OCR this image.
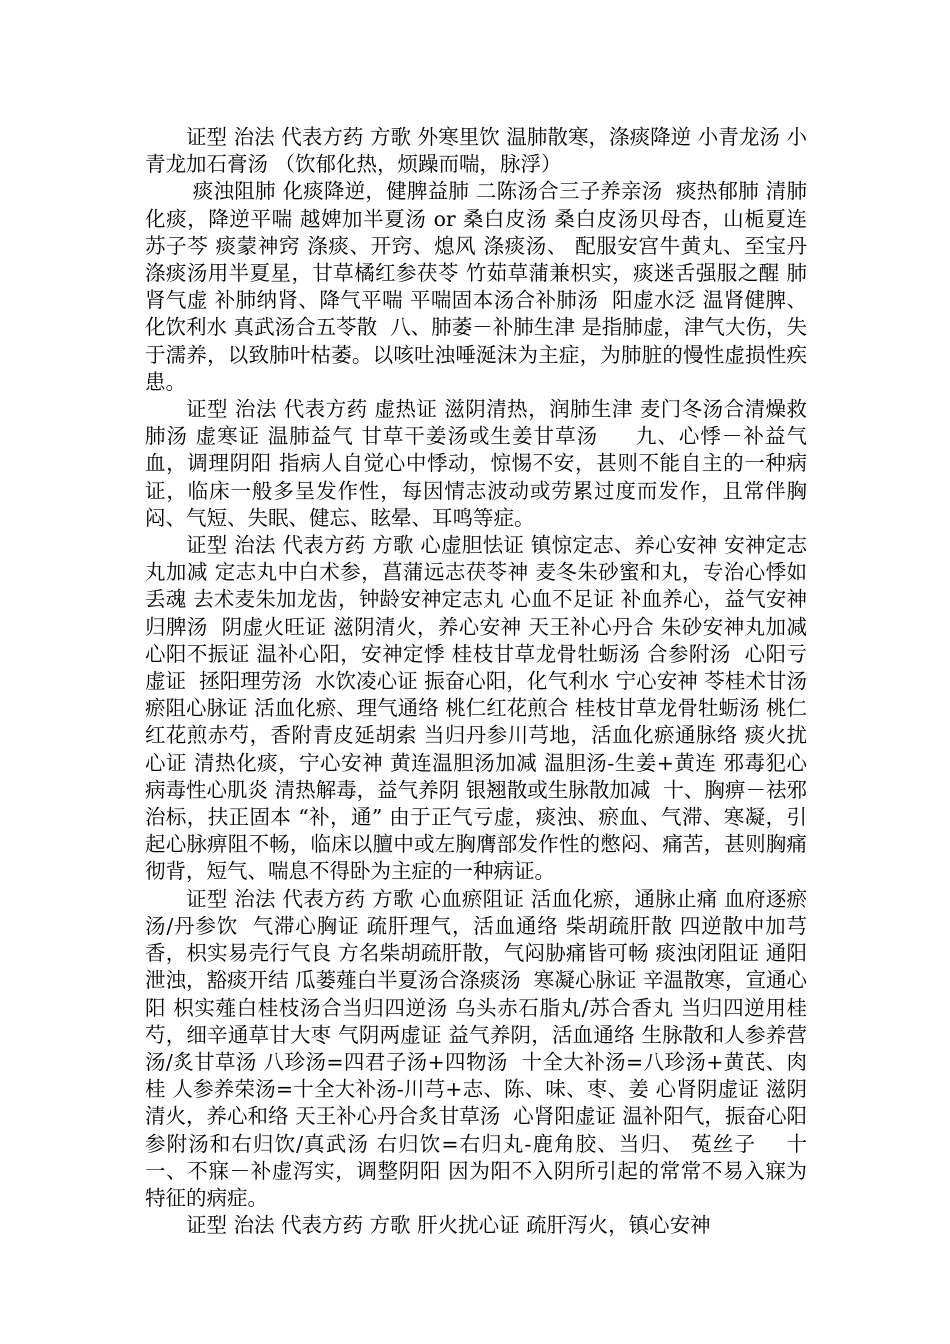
证型 治法 代表方药 方歌 外寒里饮 温肺散寒，涤痰降逆 小青龙汤 小青龙加石膏汤 （饮郁化热，烦躁而喘，脉浮）

痰浊阻肺 化痰降逆，健脾益肺 二陈汤合三子养亲汤  痰热郁肺 清肺化痰，降逆平喘 越婢加半夏汤 or 桑白皮汤 桑白皮汤贝母杏，山栀夏连苏子芩 痰蒙神窍 涤痰、开窍、熄风 涤痰汤、 配服安宫牛黄丸、至宝丹 涤痰汤用半夏星，甘草橘红参茯苓 竹茹草蒲兼枳实，痰迷舌强服之醒 肺肾气虚 补肺纳肾、降气平喘 平喘固本汤合补肺汤  阳虚水泛 温肾健脾、化饮利水 真武汤合五苓散  八、肺萎－补肺生津 是指肺虚，津气大伤，失于濡养，以致肺叶枯萎。以咳吐浊唾涎沫为主症，为肺脏的慢性虚损性疾患。

证型 治法 代表方药 虚热证 滋阴清热，润肺生津 麦门冬汤合清燥救肺汤 虚寒证 温肺益气 甘草干姜汤或生姜甘草汤     九、心悸－补益气血，调理阴阳 指病人自觉心中悸动，惊惕不安，甚则不能自主的一种病证，临床一般多呈发作性，每因情志波动或劳累过度而发作，且常伴胸闷、气短、失眠、健忘、眩晕、耳鸣等症。

证型 治法 代表方药 方歌 心虚胆怯证 镇惊定志、养心安神 安神定志丸加减 定志丸中白术参，菖蒲远志茯苓神 麦冬朱砂蜜和丸，专治心悸如丢魂 去术麦朱加龙齿，钟龄安神定志丸 心血不足证 补血养心，益气安神 归脾汤  阴虚火旺证 滋阴清火，养心安神 天王补心丹合 朱砂安神丸加减  心阳不振证 温补心阳，安神定悸 桂枝甘草龙骨牡蛎汤 合参附汤  心阳亏虚证  拯阳理劳汤  水饮凌心证 振奋心阳，化气利水 宁心安神 苓桂术甘汤  瘀阻心脉证 活血化瘀、理气通络 桃仁红花煎合 桂枝甘草龙骨牡蛎汤 桃仁红花煎赤芍，香附青皮延胡索 当归丹参川芎地，活血化瘀通脉络 痰火扰心证 清热化痰，宁心安神 黄连温胆汤加减 温胆汤-生姜+黄连 邪毒犯心 病毒性心肌炎 清热解毒，益气养阴 银翘散或生脉散加减  十、胸痹－祛邪治标，扶正固本 “补，通” 由于正气亏虚，痰浊、瘀血、气滞、寒凝，引起心脉痹阻不畅，临床以膻中或左胸膺部发作性的憋闷、痛苦，甚则胸痛彻背，短气、喘息不得卧为主症的一种病证。

证型 治法 代表方药 方歌 心血瘀阻证 活血化瘀，通脉止痛 血府逐瘀汤/丹参饮  气滞心胸证 疏肝理气，活血通络 柴胡疏肝散 四逆散中加芎香，枳实易壳行气良 方名柴胡疏肝散，气闷胁痛皆可畅 痰浊闭阻证 通阳泄浊，豁痰开结 瓜蒌薤白半夏汤合涤痰汤  寒凝心脉证 辛温散寒，宣通心阳 枳实薤白桂枝汤合当归四逆汤 乌头赤石脂丸/苏合香丸 当归四逆用桂芍，细辛通草甘大枣 气阴两虚证 益气养阴，活血通络 生脉散和人参养营汤/炙甘草汤 八珍汤=四君子汤+四物汤  十全大补汤=八珍汤+黄芪、肉桂 人参养荣汤=十全大补汤-川芎+志、陈、味、枣、姜 心肾阴虚证 滋阴清火，养心和络 天王补心丹合炙甘草汤  心肾阳虚证 温补阳气，振奋心阳 参附汤和右归饮/真武汤 右归饮=右归丸-鹿角胶、当归、 菟丝子    十一、不寐－补虚泻实，调整阴阳 因为阳不入阴所引起的常常不易入寐为特征的病症。

证型 治法 代表方药 方歌 肝火扰心证 疏肝泻火，镇心安神
